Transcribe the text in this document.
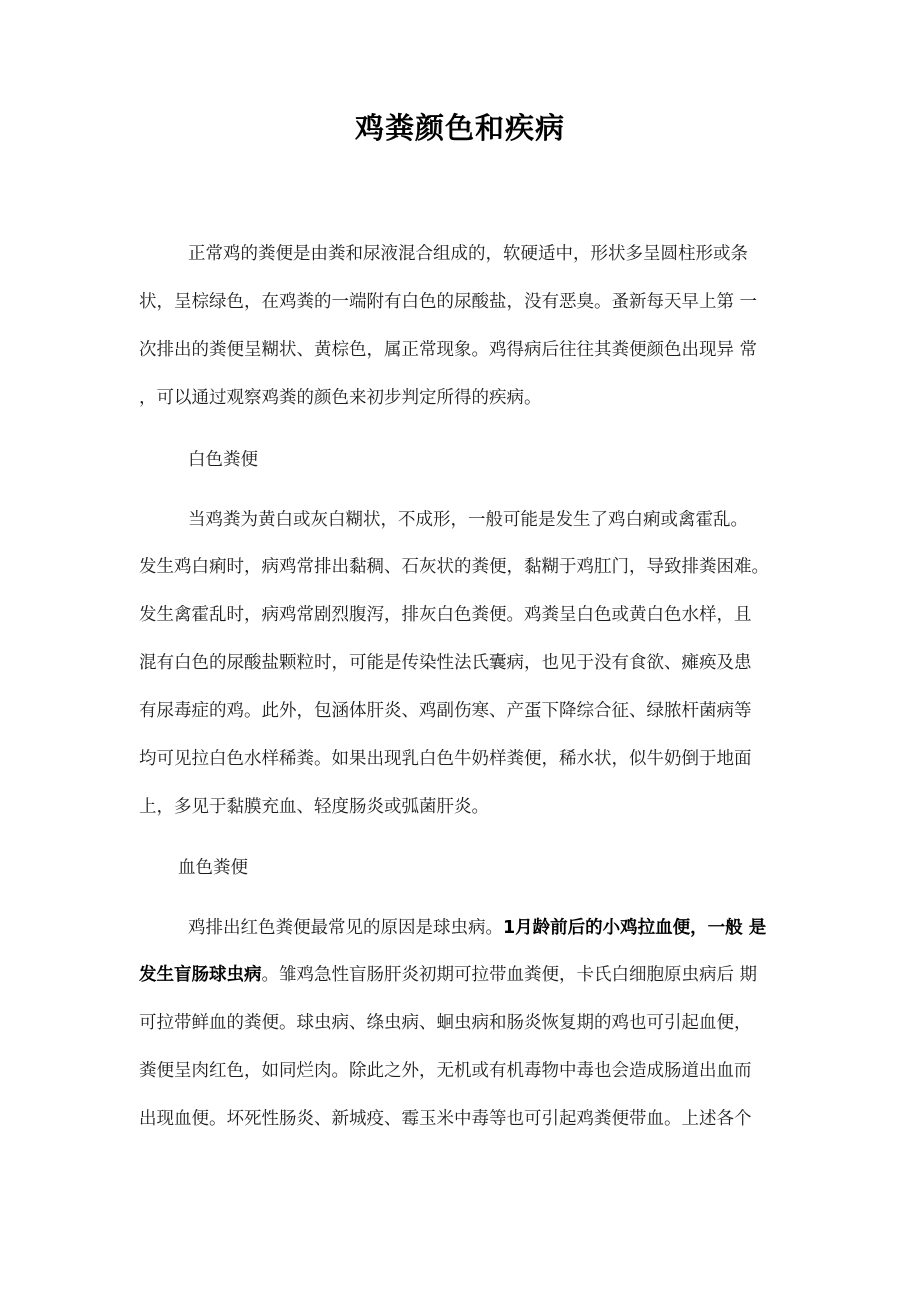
鸡粪颜色和疾病
正常鸡的粪便是由粪和尿液混合组成的，软硬适中，形状多呈圆柱形或条
状，呈棕绿色，在鸡粪的一端附有白色的尿酸盐，没有恶臭。蚤新每天早上第 一
次排出的粪便呈糊状、黄棕色，属正常现象。鸡得病后往往其粪便颜色出现异 常
，可以通过观察鸡粪的颜色来初步判定所得的疾病。
白色粪便
当鸡粪为黄白或灰白糊状，不成形，一般可能是发生了鸡白痢或禽霍乱。
发生鸡白痢时，病鸡常排出黏稠、石灰状的粪便，黏糊于鸡肛门，导致排粪困难。
发生禽霍乱时，病鸡常剧烈腹泻，排灰白色粪便。鸡粪呈白色或黄白色水样，且
混有白色的尿酸盐颗粒时，可能是传染性法氏囊病，也见于没有食欲、瘫痪及患
有尿毒症的鸡。此外，包涵体肝炎、鸡副伤寒、产蛋下降综合征、绿脓杆菌病等
均可见拉白色水样稀粪。如果出现乳白色牛奶样粪便，稀水状，似牛奶倒于地面
上，多见于黏膜充血、轻度肠炎或弧菌肝炎。
血色粪便
鸡排出红色粪便最常见的原因是球虫病。1月龄前后的小鸡拉血便，一般 是
发生盲肠球虫病。雏鸡急性盲肠肝炎初期可拉带血粪便，卡氏白细胞原虫病后 期
可拉带鲜血的粪便。球虫病、绦虫病、蛔虫病和肠炎恢复期的鸡也可引起血便，
粪便呈肉红色，如同烂肉。除此之外，无机或有机毒物中毒也会造成肠道出血而
出现血便。坏死性肠炎、新城疫、霉玉米中毒等也可引起鸡粪便带血。上述各个
